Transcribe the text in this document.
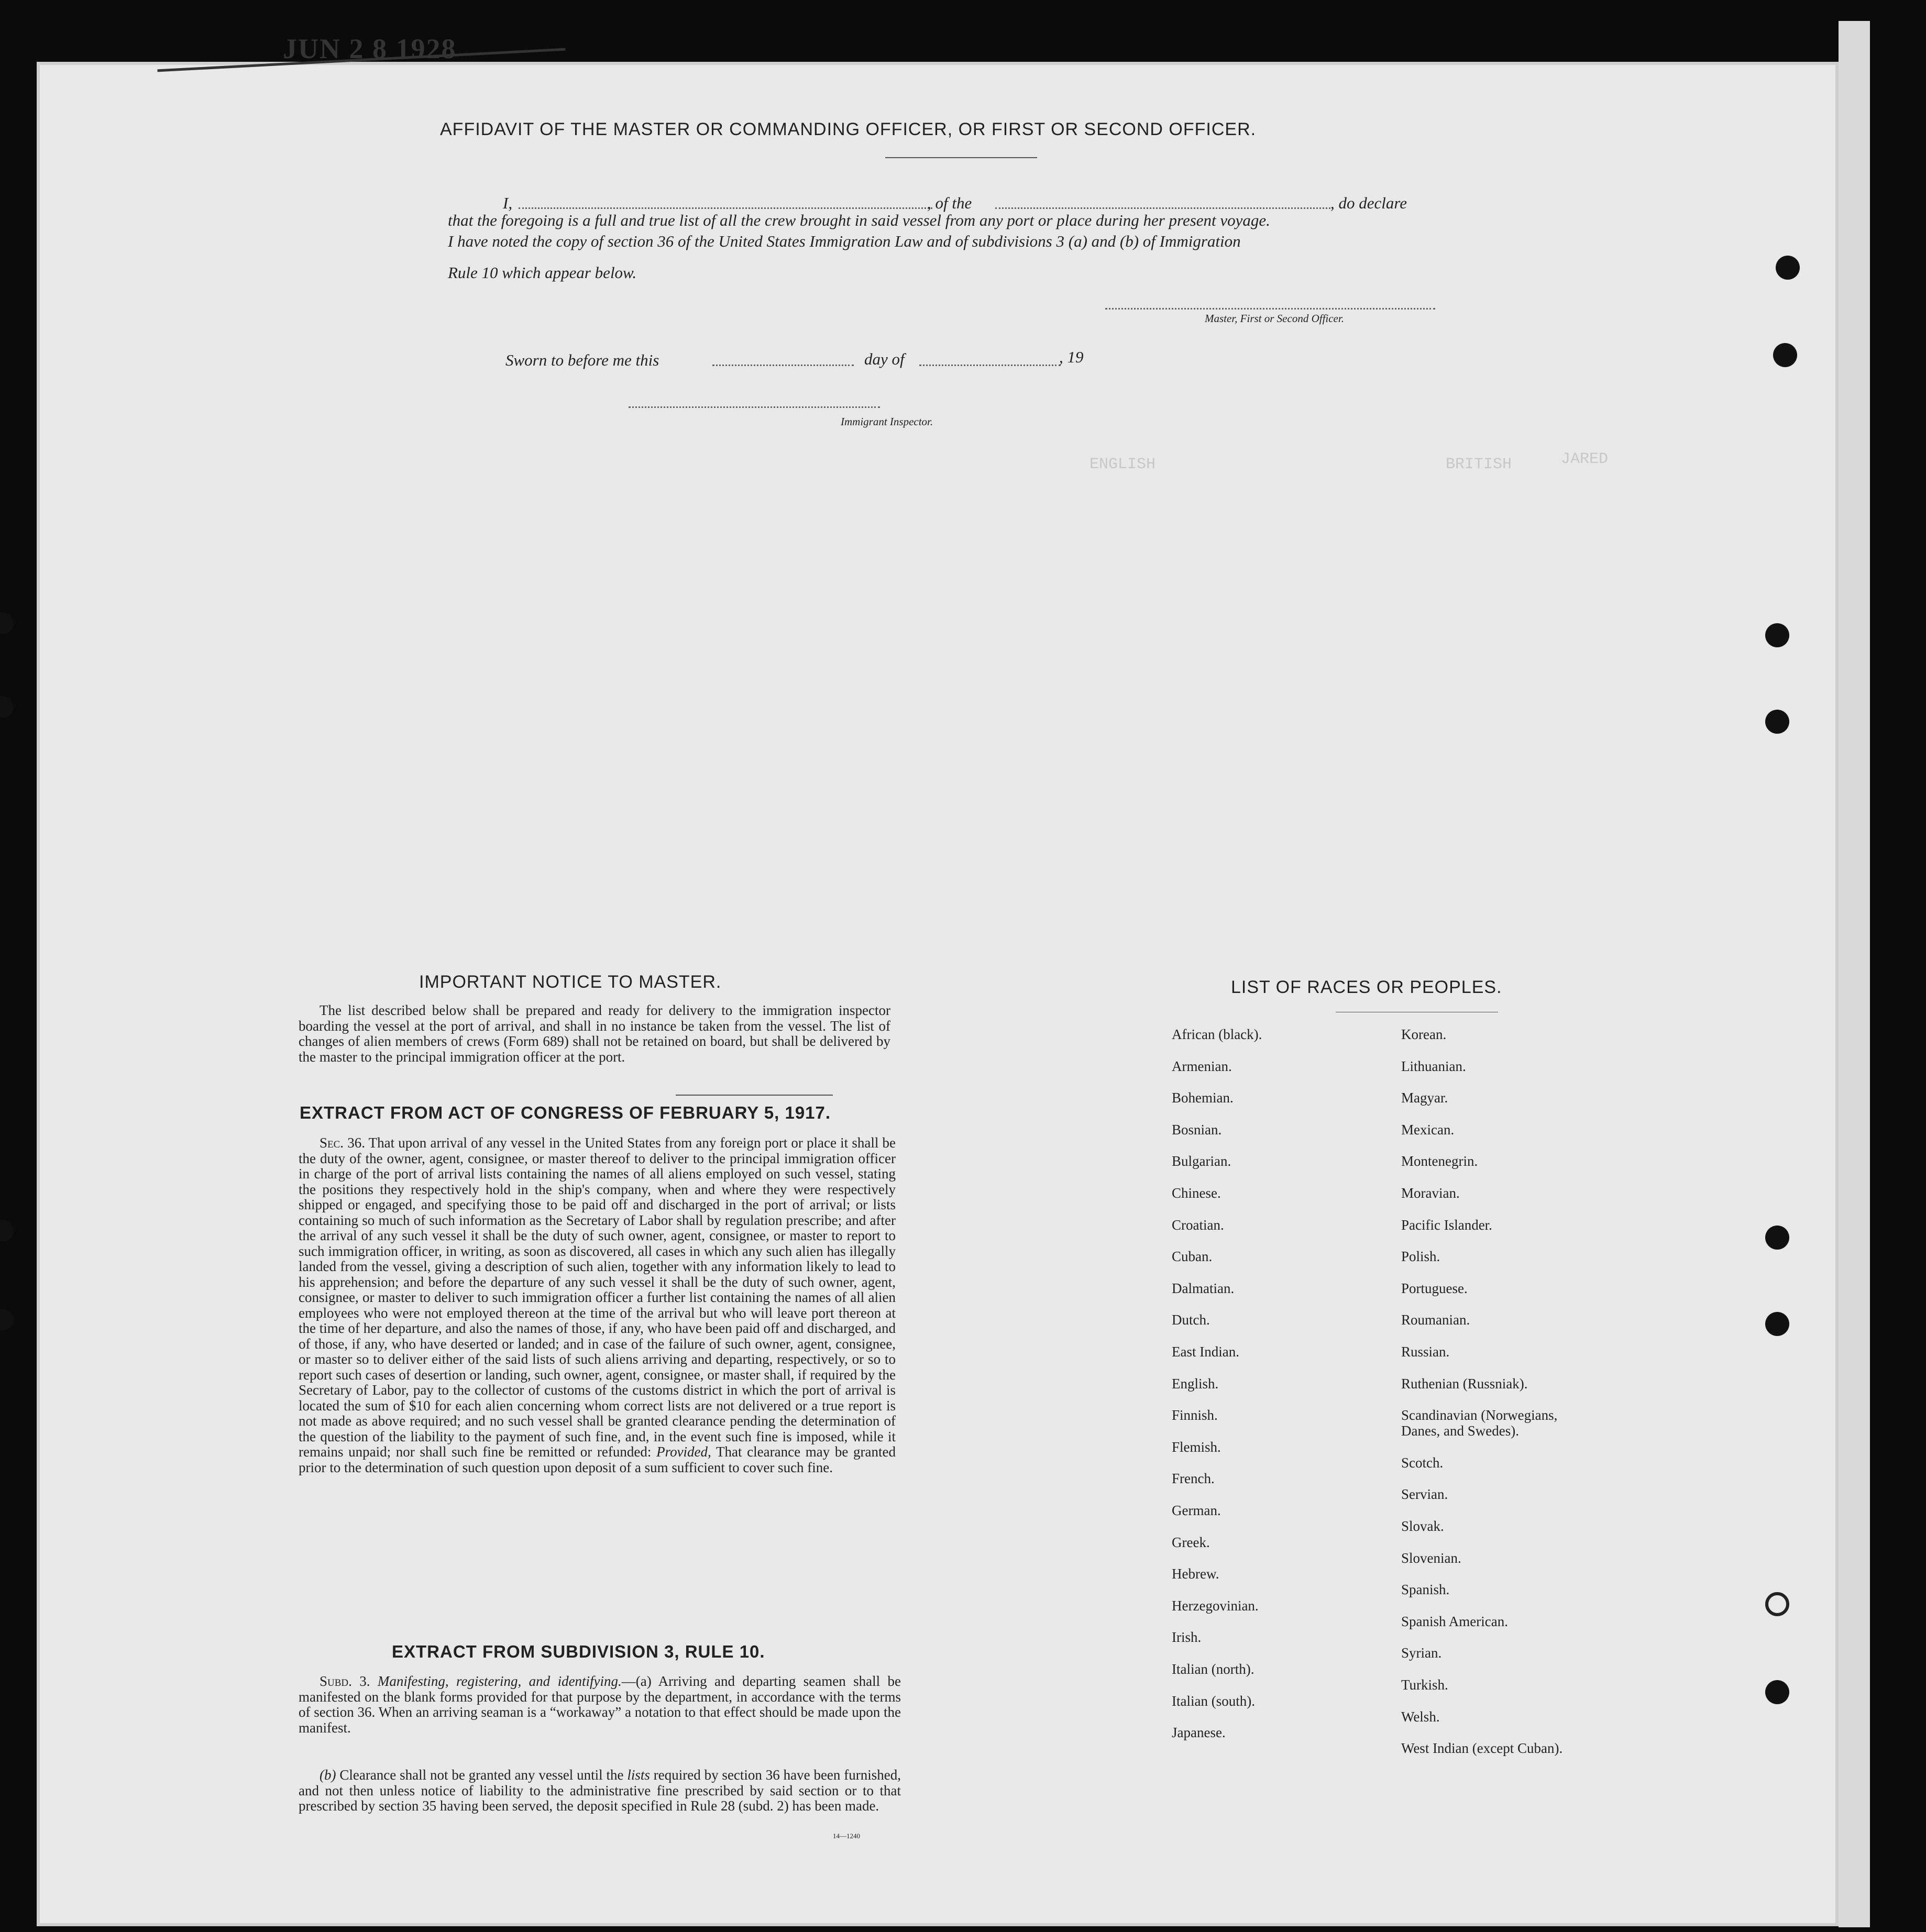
JUN 2 8 1928
ENGLISH	BRITISH	JARED
AFFIDAVIT OF THE MASTER OR COMMANDING OFFICER, OR FIRST OR SECOND OFFICER.
I,	, of the	, do declare
that the foregoing is a full and true list of all the crew brought in said vessel from any port or place during her present voyage.
I have noted the copy of section 36 of the United States Immigration Law and of subdivisions 3 (a) and (b) of Immigration
Rule 10 which appear below.
Master, First or Second Officer.
Sworn to before me this	day of	, 19
Immigrant Inspector.
IMPORTANT NOTICE TO MASTER.
The list described below shall be prepared and ready for delivery to the immigration inspector boarding the vessel at the port of arrival, and shall in no instance be taken from the vessel. The list of changes of alien members of crews (Form 689) shall not be retained on board, but shall be delivered by the master to the principal immigration officer at the port.
EXTRACT FROM ACT OF CONGRESS OF FEBRUARY 5, 1917.
Sec. 36. That upon arrival of any vessel in the United States from any foreign port or place it shall be the duty of the owner, agent, consignee, or master thereof to deliver to the principal immigration officer in charge of the port of arrival lists containing the names of all aliens employed on such vessel, stating the positions they respectively hold in the ship's company, when and where they were respectively shipped or engaged, and specifying those to be paid off and discharged in the port of arrival; or lists containing so much of such information as the Secretary of Labor shall by regulation prescribe; and after the arrival of any such vessel it shall be the duty of such owner, agent, consignee, or master to report to such immigration officer, in writing, as soon as discovered, all cases in which any such alien has illegally landed from the vessel, giving a description of such alien, together with any information likely to lead to his apprehension; and before the departure of any such vessel it shall be the duty of such owner, agent, consignee, or master to deliver to such immigration officer a further list containing the names of all alien employees who were not employed thereon at the time of the arrival but who will leave port thereon at the time of her departure, and also the names of those, if any, who have been paid off and discharged, and of those, if any, who have deserted or landed; and in case of the failure of such owner, agent, consignee, or master so to deliver either of the said lists of such aliens arriving and departing, respectively, or so to report such cases of desertion or landing, such owner, agent, consignee, or master shall, if required by the Secretary of Labor, pay to the collector of customs of the customs district in which the port of arrival is located the sum of $10 for each alien concerning whom correct lists are not delivered or a true report is not made as above required; and no such vessel shall be granted clearance pending the determination of the question of the liability to the payment of such fine, and, in the event such fine is imposed, while it remains unpaid; nor shall such fine be remitted or refunded: Provided, That clearance may be granted prior to the determination of such question upon deposit of a sum sufficient to cover such fine.
EXTRACT FROM SUBDIVISION 3, RULE 10.
Subd. 3. Manifesting, registering, and identifying.—(a) Arriving and departing seamen shall be manifested on the blank forms provided for that purpose by the department, in accordance with the terms of section 36. When an arriving seaman is a “workaway” a notation to that effect should be made upon the manifest.
(b) Clearance shall not be granted any vessel until the lists required by section 36 have been furnished, and not then unless notice of liability to the administrative fine prescribed by said section or to that prescribed by section 35 having been served, the deposit specified in Rule 28 (subd. 2) has been made.
14—1240
LIST OF RACES OR PEOPLES.
African (black).
Armenian.
Bohemian.
Bosnian.
Bulgarian.
Chinese.
Croatian.
Cuban.
Dalmatian.
Dutch.
East Indian.
English.
Finnish.
Flemish.
French.
German.
Greek.
Hebrew.
Herzegovinian.
Irish.
Italian (north).
Italian (south).
Japanese.
Korean.
Lithuanian.
Magyar.
Mexican.
Montenegrin.
Moravian.
Pacific Islander.
Polish.
Portuguese.
Roumanian.
Russian.
Ruthenian (Russniak).
Scandinavian (Norwegians,
Danes, and Swedes).
Scotch.
Servian.
Slovak.
Slovenian.
Spanish.
Spanish American.
Syrian.
Turkish.
Welsh.
West Indian (except Cuban).
